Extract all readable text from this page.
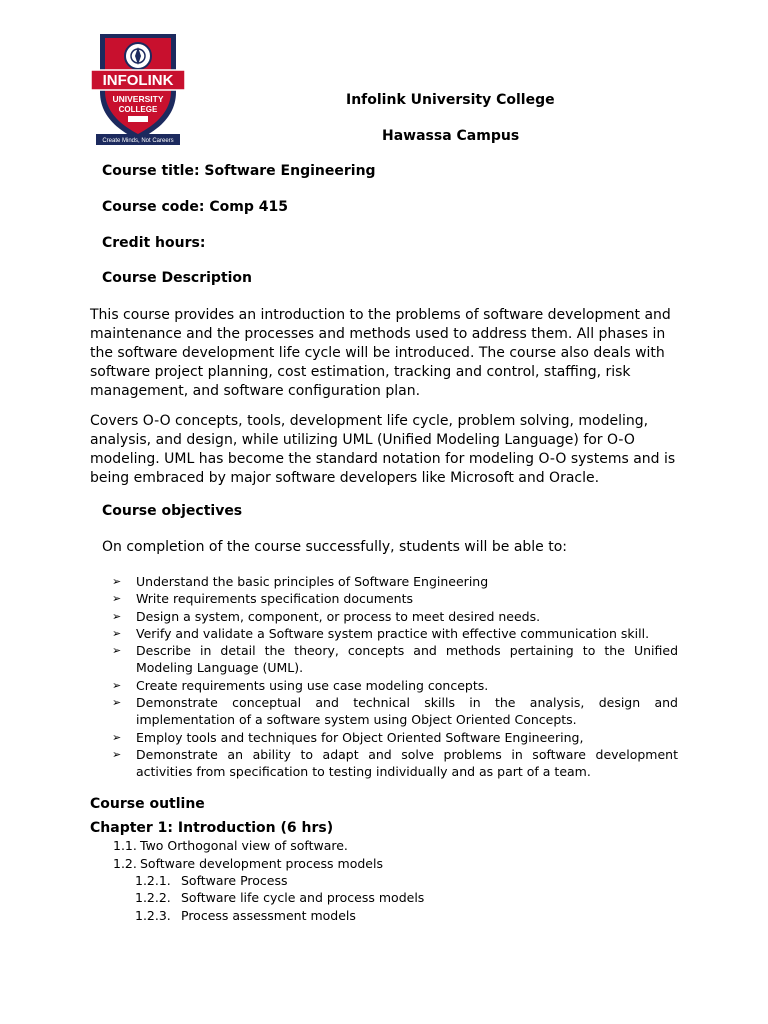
INFOLINK
UNIVERSITY
COLLEGE
Create Minds, Not Careers
Infolink University College
Hawassa Campus
Course title: Software Engineering
Course code: Comp 415
Credit hours:
Course Description
This course provides an introduction to the problems of software development and
maintenance and the processes and methods used to address them. All phases in
the software development life cycle will be introduced. The course also deals with
software project planning, cost estimation, tracking and control, staffing, risk
management, and software configuration plan.
Covers O-O concepts, tools, development life cycle, problem solving, modeling,
analysis, and design, while utilizing UML (Unified Modeling Language) for O-O
modeling. UML has become the standard notation for modeling O-O systems and is
being embraced by major software developers like Microsoft and Oracle.
Course objectives
On completion of the course successfully, students will be able to:
➢ Understand the basic principles of Software Engineering
➢ Write requirements specification documents
➢ Design a system, component, or process to meet desired needs.
➢ Verify and validate a Software system practice with effective communication skill.
➢ Describe in detail the theory, concepts and methods pertaining to the Unified Modeling Language (UML).
➢ Create requirements using use case modeling concepts.
➢ Demonstrate conceptual and technical skills in the analysis, design and implementation of a software system using Object Oriented Concepts.
➢ Employ tools and techniques for Object Oriented Software Engineering,
➢ Demonstrate an ability to adapt and solve problems in software development activities from specification to testing individually and as part of a team.
Course outline
Chapter 1: Introduction (6 hrs)
1.1. Two Orthogonal view of software.
1.2. Software development process models
1.2.1. Software Process
1.2.2. Software life cycle and process models
1.2.3. Process assessment models
